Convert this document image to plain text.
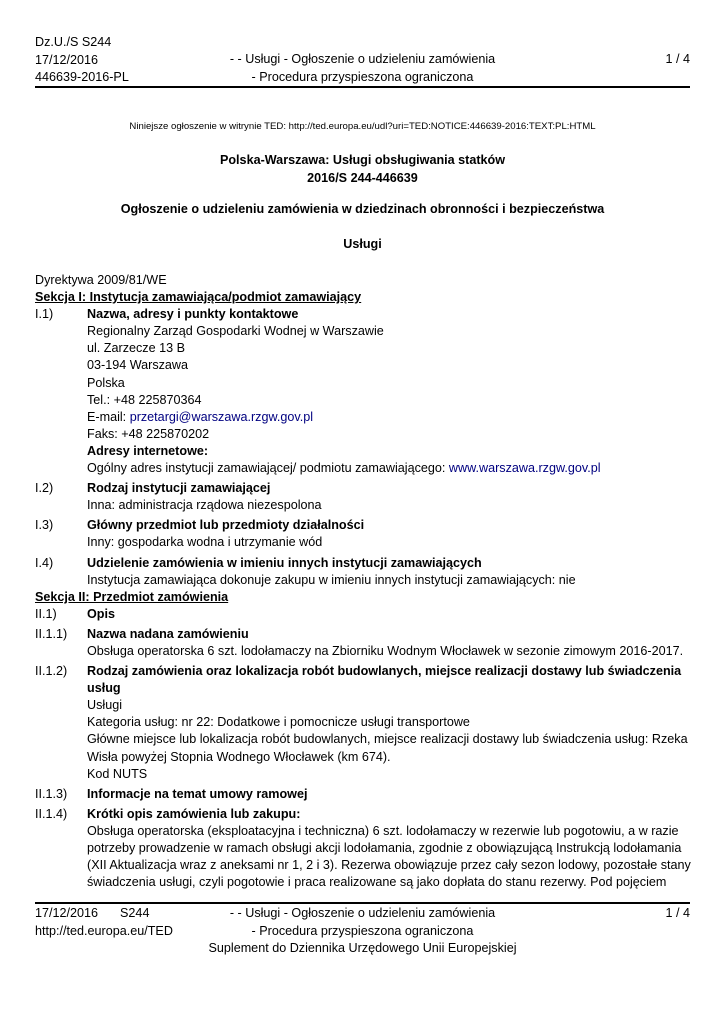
Dz.U./S S244
17/12/2016
446639-2016-PL
- - Usługi - Ogłoszenie o udzieleniu zamówienia
- Procedura przyspieszona ograniczona
1 / 4
Niniejsze ogłoszenie w witrynie TED: http://ted.europa.eu/udl?uri=TED:NOTICE:446639-2016:TEXT:PL:HTML
Polska-Warszawa: Usługi obsługiwania statków
2016/S 244-446639
Ogłoszenie o udzieleniu zamówienia w dziedzinach obronności i bezpieczeństwa
Usługi
Dyrektywa 2009/81/WE
Sekcja I: Instytucja zamawiająca/podmiot zamawiający
I.1)	Nazwa, adresy i punkty kontaktowe
Regionalny Zarząd Gospodarki Wodnej w Warszawie
ul. Zarzecze 13 B
03-194 Warszawa
Polska
Tel.: +48 225870364
E-mail: przetargi@warszawa.rzgw.gov.pl
Faks: +48 225870202
Adresy internetowe:
Ogólny adres instytucji zamawiającej/ podmiotu zamawiającego: www.warszawa.rzgw.gov.pl
I.2)	Rodzaj instytucji zamawiającej
Inna: administracja rządowa niezespolona
I.3)	Główny przedmiot lub przedmioty działalności
Inny: gospodarka wodna i utrzymanie wód
I.4)	Udzielenie zamówienia w imieniu innych instytucji zamawiających
Instytucja zamawiająca dokonuje zakupu w imieniu innych instytucji zamawiających: nie
Sekcja II: Przedmiot zamówienia
II.1)	Opis
II.1.1)	Nazwa nadana zamówieniu
Obsługa operatorska 6 szt. lodołamaczy na Zbiorniku Wodnym Włocławek w sezonie zimowym 2016-2017.
II.1.2)	Rodzaj zamówienia oraz lokalizacja robót budowlanych, miejsce realizacji dostawy lub świadczenia usług
Usługi
Kategoria usług: nr 22: Dodatkowe i pomocnicze usługi transportowe
Główne miejsce lub lokalizacja robót budowlanych, miejsce realizacji dostawy lub świadczenia usług: Rzeka Wisła powyżej Stopnia Wodnego Włocławek (km 674).
Kod NUTS
II.1.3)	Informacje na temat umowy ramowej
II.1.4)	Krótki opis zamówienia lub zakupu:
Obsługa operatorska (eksploatacyjna i techniczna) 6 szt. lodołamaczy w rezerwie lub pogotowiu, a w razie potrzeby prowadzenie w ramach obsługi akcji lodołamania, zgodnie z obowiązującą Instrukcją lodołamania (XII Aktualizacja wraz z aneksami nr 1, 2 i 3). Rezerwa obowiązuje przez cały sezon lodowy, pozostałe stany świadczenia usługi, czyli pogotowie i praca realizowane są jako dopłata do stanu rezerwy. Pod pojęciem
17/12/2016 S244
http://ted.europa.eu/TED
- - Usługi - Ogłoszenie o udzieleniu zamówienia
- Procedura przyspieszona ograniczona
Suplement do Dziennika Urzędowego Unii Europejskiej
1 / 4
